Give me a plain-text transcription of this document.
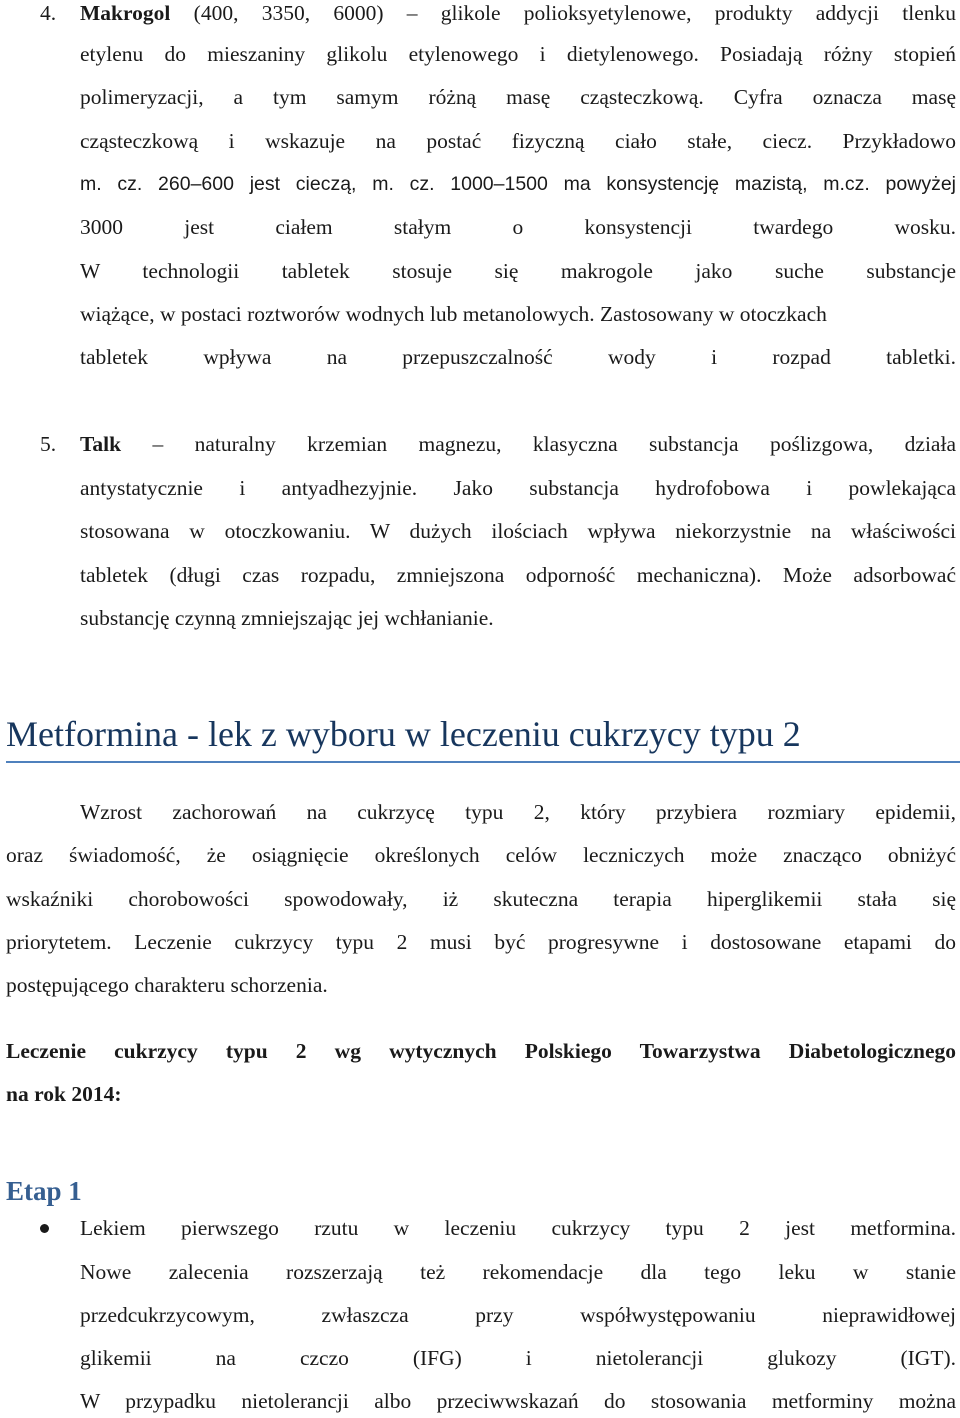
4. Makrogol (400, 3350, 6000) – glikole polioksyetylenowe, produkty addycji tlenku
etylenu do mieszaniny glikolu etylenowego i dietylenowego. Posiadają różny stopień
polimeryzacji, a tym samym różną masę cząsteczkową. Cyfra oznacza masę
cząsteczkową i wskazuje na postać fizyczną ciało stałe, ciecz. Przykładowo
m. cz. 260–600 jest cieczą, m. cz. 1000–1500 ma konsystencję mazistą, m.cz. powyżej
3000 jest ciałem stałym o konsystencji twardego wosku.
W technologii tabletek stosuje się makrogole jako suche substancje
wiążące, w postaci roztworów wodnych lub metanolowych. Zastosowany w otoczkach
tabletek wpływa na przepuszczalność wody i rozpad tabletki.
5. Talk – naturalny krzemian magnezu, klasyczna substancja poślizgowa, działa
antystatycznie i antyadhezyjnie. Jako substancja hydrofobowa i powlekająca
stosowana w otoczkowaniu. W dużych ilościach wpływa niekorzystnie na właściwości
tabletek (długi czas rozpadu, zmniejszona odporność mechaniczna). Może adsorbować
substancję czynną zmniejszając jej wchłanianie.
Metformina - lek z wyboru w leczeniu cukrzycy typu 2
Wzrost zachorowań na cukrzycę typu 2, który przybiera rozmiary epidemii,
oraz świadomość, że osiągnięcie określonych celów leczniczych może znacząco obniżyć
wskaźniki chorobowości spowodowały, iż skuteczna terapia hiperglikemii stała się
priorytetem. Leczenie cukrzycy typu 2 musi być progresywne i dostosowane etapami do
postępującego charakteru schorzenia.
Leczenie cukrzycy typu 2 wg wytycznych Polskiego Towarzystwa Diabetologicznego
na rok 2014:
Etap 1
Lekiem pierwszego rzutu w leczeniu cukrzycy typu 2 jest metformina.
Nowe zalecenia rozszerzają też rekomendacje dla tego leku w stanie
przedcukrzycowym, zwłaszcza przy współwystępowaniu nieprawidłowej
glikemii na czczo (IFG) i nietolerancji glukozy (IGT).
W przypadku nietolerancji albo przeciwwskazań do stosowania metforminy można
